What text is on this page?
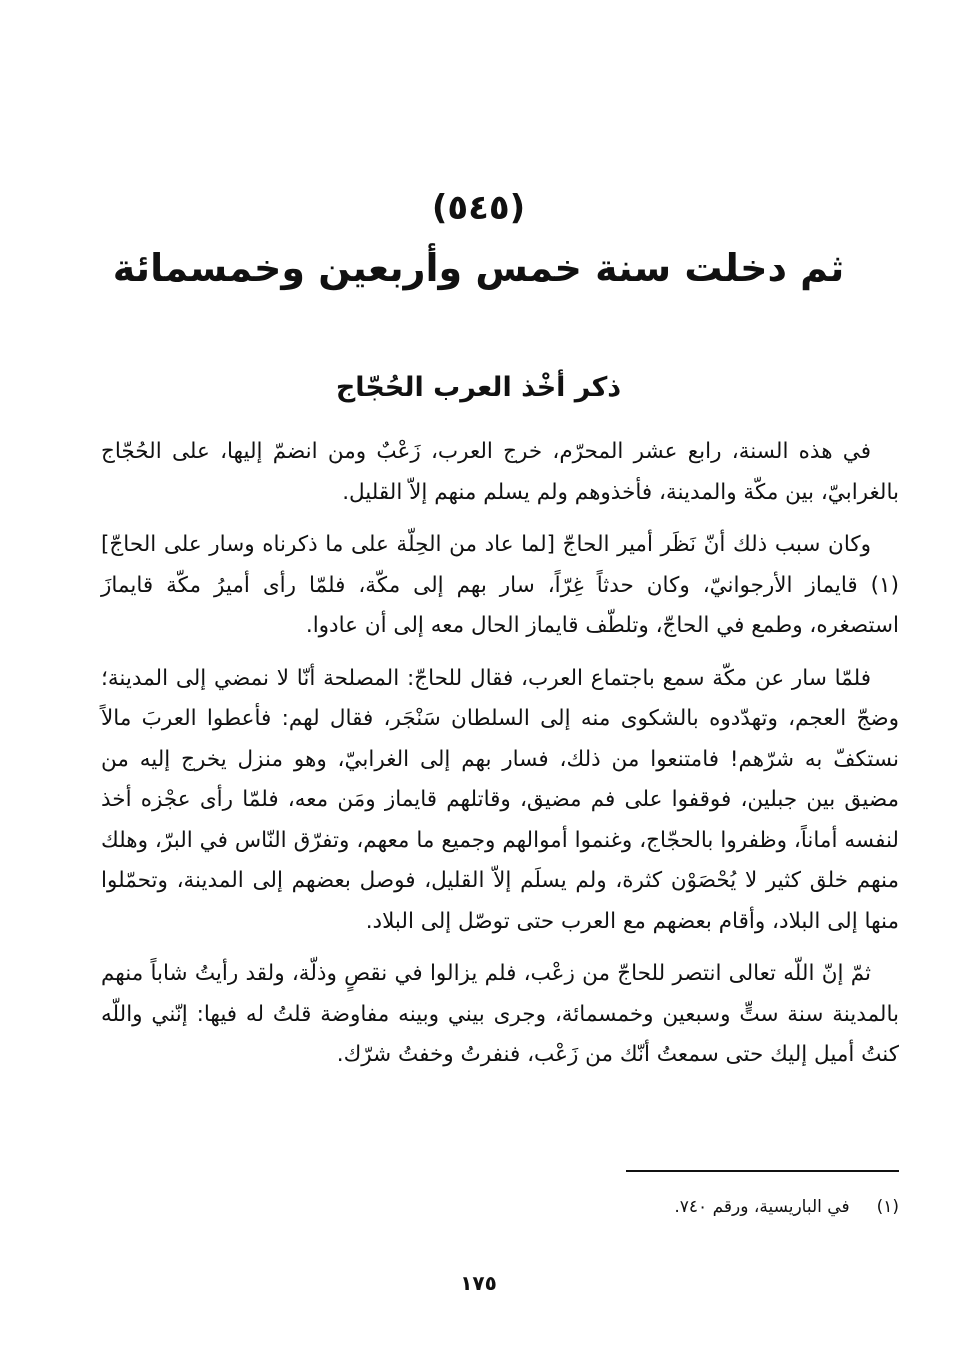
(٥٤٥)
ثم دخلت سنة خمس وأربعين وخمسمائة
ذكر أخْذ العرب الحُجّاج

في هذه السنة، رابع عشر المحرّم، خرج العرب، زَعْبٌ ومن انضمّ إليها، على الحُجّاج بالغرابيّ، بين مكّة والمدينة، فأخذوهم ولم يسلم منهم إلاّ القليل.

وكان سبب ذلك أنّ نَظَر أمير الحاجّ [لما عاد من الحِلّة على ما ذكرناه وسار على الحاجّ](١) قايماز الأرجوانيّ، وكان حدثاً غِرّاً، سار بهم إلى مكّة، فلمّا رأى أميرُ مكّة قايمازَ استصغره، وطمع في الحاجّ، وتلطّف قايماز الحال معه إلى أن عادوا.

فلمّا سار عن مكّة سمع باجتماع العرب، فقال للحاجّ: المصلحة أنّا لا نمضي إلى المدينة؛ وضجّ العجم، وتهدّدوه بالشكوى منه إلى السلطان سَنْجَر، فقال لهم: فأعطوا العربَ مالاً نستكفّ به شرّهم! فامتنعوا من ذلك، فسار بهم إلى الغرابيّ، وهو منزل يخرج إليه من مضيق بين جبلين، فوقفوا على فم مضيق، وقاتلهم قايماز ومَن معه، فلمّا رأى عجْزه أخذ لنفسه أماناً، وظفروا بالحجّاج، وغنموا أموالهم وجميع ما معهم، وتفرّق النّاس في البرّ، وهلك منهم خلق كثير لا يُحْصَوْن كثرة، ولم يسلَم إلاّ القليل، فوصل بعضهم إلى المدينة، وتحمّلوا منها إلى البلاد، وأقام بعضهم مع العرب حتى توصّل إلى البلاد.

ثمّ إنّ اللّه تعالى انتصر للحاجّ من زعْب، فلم يزالوا في نقصٍ وذلّة، ولقد رأيتُ شاباً منهم بالمدينة سنة ستٍّ وسبعين وخمسمائة، وجرى بيني وبينه مفاوضة قلتُ له فيها: إنّني واللّه كنتُ أميل إليك حتى سمعتُ أنّك من زَعْب، فنفرتُ وخفتُ شرّك.

(١) في الباريسية، ورقم ٧٤٠.
١٧٥
